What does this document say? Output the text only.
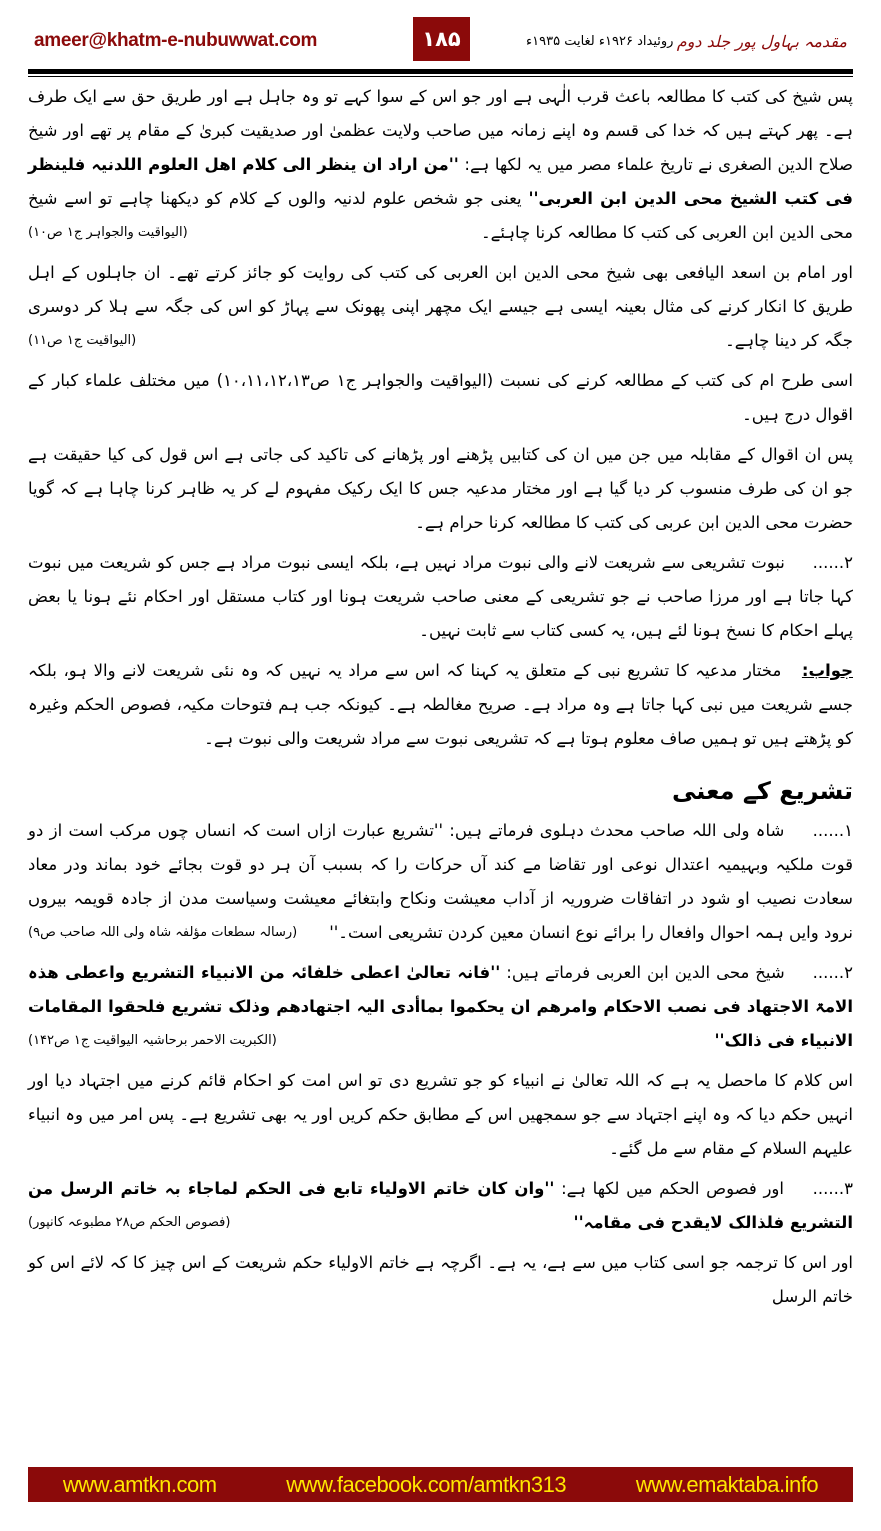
ameer@khatm-e-nubuwwat.com	۱۸۵	روئیداد ۱۹۲۶ء لغایت ۱۹۳۵ء مقدمہ بہاول پور جلد دوم

پس شیخ کی کتب کا مطالعہ باعث قرب الٰہی ہے اور جو اس کے سوا کہے تو وہ جاہل ہے اور طریق حق سے ایک طرف ہے۔ پھر کہتے ہیں کہ خدا کی قسم وہ اپنے زمانہ میں صاحب ولایت عظمیٰ اور صدیقیت کبریٰ کے مقام پر تھے اور شیخ صلاح الدین الصغری نے تاریخ علماء مصر میں یہ لکھا ہے: ''من اراد ان ینظر الی کلام اھل العلوم اللدنیہ فلینظر فی کتب الشیخ محی الدین ابن العربی'' یعنی جو شخص علوم لدنیہ والوں کے کلام کو دیکھنا چاہے تو اسے شیخ محی الدین ابن العربی کی کتب کا مطالعہ کرنا چاہئے۔
(الیواقیت والجواہر ج۱ ص۱۰)

اور امام بن اسعد الیافعی بھی شیخ محی الدین ابن العربی کی کتب کی روایت کو جائز کرتے تھے۔ ان جاہلوں کے اہل طریق کا انکار کرنے کی مثال بعینہ ایسی ہے جیسے ایک مچھر اپنی پھونک سے پہاڑ کو اس کی جگہ سے ہلا کر دوسری جگہ کر دینا چاہے۔
(الیواقیت ج۱ ص۱۱)

اسی طرح ام کی کتب کے مطالعہ کرنے کی نسبت (الیواقیت والجواہر ج۱ ص۱۰،۱۱،۱۲،۱۳) میں مختلف علماء کبار کے اقوال درج ہیں۔

پس ان اقوال کے مقابلہ میں جن میں ان کی کتابیں پڑھنے اور پڑھانے کی تاکید کی جاتی ہے اس قول کی کیا حقیقت ہے جو ان کی طرف منسوب کر دیا گیا ہے اور مختار مدعیہ جس کا ایک رکیک مفہوم لے کر یہ ظاہر کرنا چاہا ہے کہ گویا حضرت محی الدین ابن عربی کی کتب کا مطالعہ کرنا حرام ہے۔

۲...... نبوت تشریعی سے شریعت لانے والی نبوت مراد نہیں ہے، بلکہ ایسی نبوت مراد ہے جس کو شریعت میں نبوت کہا جاتا ہے اور مرزا صاحب نے جو تشریعی کے معنی صاحب شریعت ہونا اور کتاب مستقل اور احکام نئے ہونا یا بعض پہلے احکام کا نسخ ہونا لئے ہیں، یہ کسی کتاب سے ثابت نہیں۔

جواب: مختار مدعیہ کا تشریع نبی کے متعلق یہ کہنا کہ اس سے مراد یہ نہیں کہ وہ نئی شریعت لانے والا ہو، بلکہ جسے شریعت میں نبی کہا جاتا ہے وہ مراد ہے۔ صریح مغالطہ ہے۔ کیونکہ جب ہم فتوحات مکیہ، فصوص الحکم وغیرہ کو پڑھتے ہیں تو ہمیں صاف معلوم ہوتا ہے کہ تشریعی نبوت سے مراد شریعت والی نبوت ہے۔

تشریع کے معنی

۱...... شاہ ولی اللہ صاحب محدث دہلوی فرماتے ہیں: ''تشریع عبارت ازاں است کہ انساں چوں مرکب است از دو قوت ملکیہ وبہیمیہ اعتدال نوعی اور تقاضا مے کند آں حرکات را کہ بسبب آن ہر دو قوت بجائے خود بماند ودر معاد سعادت نصیب او شود در اتفاقات ضروریہ از آداب معیشت ونکاح وابتغائے معیشت وسیاست مدن از جادہ قویمہ بیروں نرود وایں ہمہ احوال وافعال را برائے نوع انسان معین کردن تشریعی است۔''
(رسالہ سطعات مؤلفہ شاہ ولی اللہ صاحب ص۹)

۲...... شیخ محی الدین ابن العربی فرماتے ہیں: ''فانہ تعالیٰ اعطی خلفائہ من الانبیاء التشریع واعطی ھذہ الامۃ الاجتھاد فی نصب الاحکام وامرھم ان یحکموا بماأدی الیہ اجتھادھم وذلک تشریع فلحقوا المقامات الانبیاء فی ذالک''
(الکبریت الاحمر برحاشیہ الیواقیت ج۱ ص۱۴۲)

اس کلام کا ماحصل یہ ہے کہ اللہ تعالیٰ نے انبیاء کو جو تشریع دی تو اس امت کو احکام قائم کرنے میں اجتہاد دیا اور انہیں حکم دیا کہ وہ اپنے اجتہاد سے جو سمجھیں اس کے مطابق حکم کریں اور یہ بھی تشریع ہے۔ پس امر میں وہ انبیاء علیہم السلام کے مقام سے مل گئے۔

۳...... اور فصوص الحکم میں لکھا ہے: ''وان کان خاتم الاولیاء تابع فی الحکم لماجاء بہ خاتم الرسل من التشریع فلذالک لایقدح فی مقامہ''
(فصوص الحکم ص۲۸ مطبوعہ کانپور)

اور اس کا ترجمہ جو اسی کتاب میں سے ہے، یہ ہے۔ اگرچہ ہے خاتم الاولیاء حکم شریعت کے اس چیز کا کہ لائے اس کو خاتم الرسل

www.amtkn.com	www.facebook.com/amtkn313	www.emaktaba.info
